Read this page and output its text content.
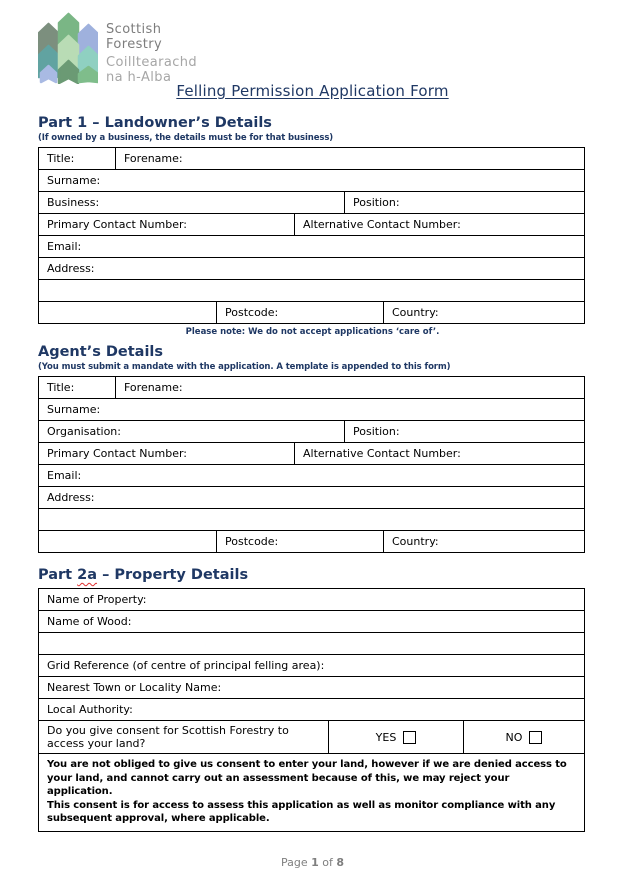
Scottish
Forestry
Coilltearachd
na h-Alba
Felling Permission Application Form
Part 1 – Landowner’s Details
(If owned by a business, the details must be for that business)
Title:	Forename:
Surname:
Business:	Position:
Primary Contact Number:	Alternative Contact Number:
Email:
Address:
Postcode:	Country:
Please note: We do not accept applications ‘care of’.
Agent’s Details
(You must submit a mandate with the application. A template is appended to this form)
Title:	Forename:
Surname:
Organisation:	Position:
Primary Contact Number:	Alternative Contact Number:
Email:
Address:
Postcode:	Country:
Part 2a – Property Details
Name of Property:
Name of Wood:
Grid Reference (of centre of principal felling area):
Nearest Town or Locality Name:
Local Authority:
Do you give consent for Scottish Forestry to access your land?	YES	NO
You are not obliged to give us consent to enter your land, however if we are denied access to your land, and cannot carry out an assessment because of this, we may reject your application.
This consent is for access to assess this application as well as monitor compliance with any subsequent approval, where applicable.
Page 1 of 8
